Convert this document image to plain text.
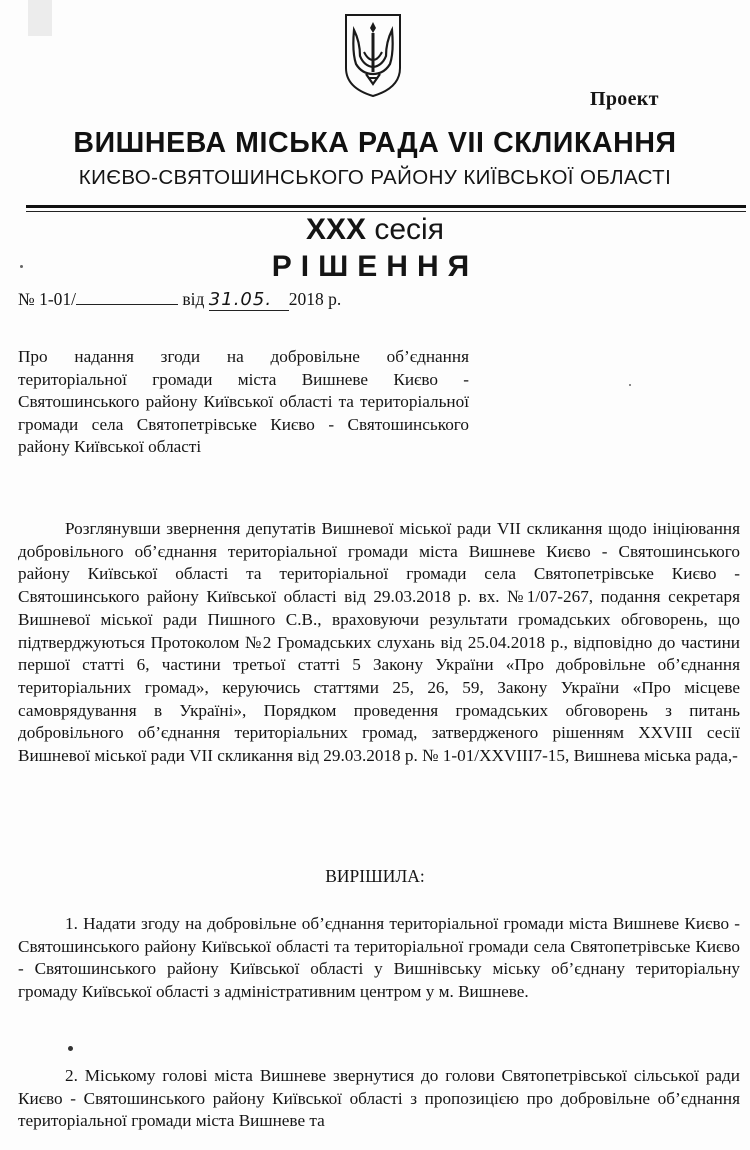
Проект
ВИШНЕВА МІСЬКА РАДА VII СКЛИКАННЯ
КИЄВО-СВЯТОШИНСЬКОГО РАЙОНУ КИЇВСЬКОЇ ОБЛАСТІ
XXX сесія
РІШЕННЯ
№ 1-01/	від 31.05. 2018 р.
Про надання згоди на добровільне об’єднання територіальної громади міста Вишневе Києво - Святошинського району Київської області та територіальної громади села Святопетрівське Києво - Святошинського району Київської області
Розглянувши звернення депутатів Вишневої міської ради VII скликання щодо ініціювання добровільного об’єднання територіальної громади міста Вишневе Києво - Святошинського району Київської області та територіальної громади села Святопетрівське Києво - Святошинського району Київської області від 29.03.2018 р. вх. №1/07-267, подання секретаря Вишневої міської ради Пишного С.В., враховуючи результати громадських обговорень, що підтверджуються Протоколом №2 Громадських слухань від 25.04.2018 р., відповідно до частини першої статті 6, частини третьої статті 5 Закону України «Про добровільне об’єднання територіальних громад», керуючись статтями 25, 26, 59, Закону України «Про місцеве самоврядування в Україні», Порядком проведення громадських обговорень з питань добровільного об’єднання територіальних громад, затвердженого рішенням XXVIII сесії Вишневої міської ради VII скликання від 29.03.2018 р. № 1-01/XXVIII7-15, Вишнева міська рада,-
ВИРІШИЛА:
1. Надати згоду на добровільне об’єднання територіальної громади міста Вишневе Києво - Святошинського району Київської області та територіальної громади села Святопетрівське Києво - Святошинського району Київської області у Вишнівську міську об’єднану територіальну громаду Київської області з адміністративним центром у м. Вишневе.
2. Міському голові міста Вишневе звернутися до голови Святопетрівської сільської ради Києво - Святошинського району Київської області з пропозицією про добровільне об’єднання територіальної громади міста Вишневе та
